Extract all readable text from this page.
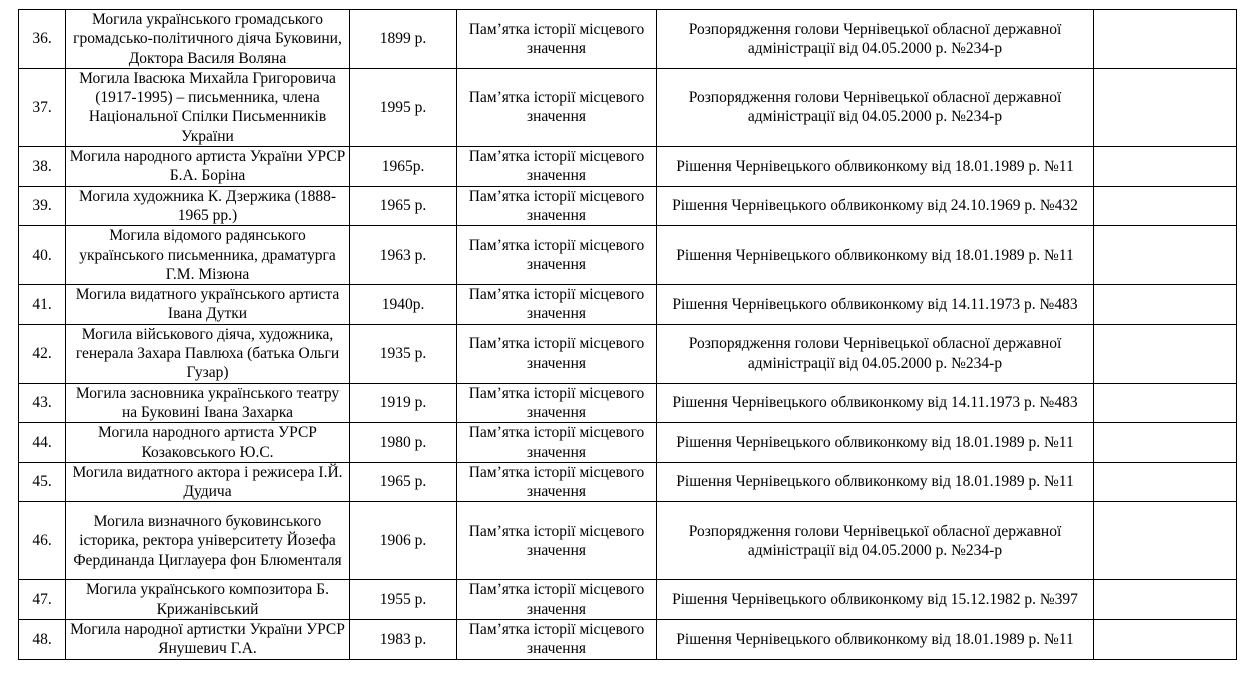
36.	Могила українського громадського громадсько-політичного діяча Буковини, Доктора Василя Воляна	1899 р.	Пам’ятка історії місцевого значення	Розпорядження голови Чернівецької обласної державної адміністрації від 04.05.2000 р. №234-р	
37.	Могила Івасюка Михайла Григоровича (1917-1995) – письменника, члена Національної Спілки Письменників України	1995 р.	Пам’ятка історії місцевого значення	Розпорядження голови Чернівецької обласної державної адміністрації від 04.05.2000 р. №234-р	
38.	Могила народного артиста України УРСР Б.А. Боріна	1965р.	Пам’ятка історії місцевого значення	Рішення Чернівецького облвиконкому від 18.01.1989 р. №11	
39.	Могила художника К. Дзержика (1888-1965 рр.)	1965 р.	Пам’ятка історії місцевого значення	Рішення Чернівецького облвиконкому від 24.10.1969 р. №432	
40.	Могила відомого радянського українського письменника, драматурга Г.М. Мізюна	1963 р.	Пам’ятка історії місцевого значення	Рішення Чернівецького облвиконкому від 18.01.1989 р. №11	
41.	Могила видатного українського артиста Івана Дутки	1940р.	Пам’ятка історії місцевого значення	Рішення Чернівецького облвиконкому від 14.11.1973 р. №483	
42.	Могила військового діяча, художника, генерала Захара Павлюха (батька Ольги Гузар)	1935 р.	Пам’ятка історії місцевого значення	Розпорядження голови Чернівецької обласної державної адміністрації від 04.05.2000 р. №234-р	
43.	Могила засновника українського театру на Буковині Івана Захарка	1919 р.	Пам’ятка історії місцевого значення	Рішення Чернівецького облвиконкому від 14.11.1973 р. №483	
44.	Могила народного артиста УРСР Козаковського Ю.С.	1980 р.	Пам’ятка історії місцевого значення	Рішення Чернівецького облвиконкому від 18.01.1989 р. №11	
45.	Могила видатного актора і режисера І.Й. Дудича	1965 р.	Пам’ятка історії місцевого значення	Рішення Чернівецького облвиконкому від 18.01.1989 р. №11	
46.	Могила визначного буковинського історика, ректора університету Йозефа Фердинанда Циглауера фон Блюменталя	1906 р.	Пам’ятка історії місцевого значення	Розпорядження голови Чернівецької обласної державної адміністрації від 04.05.2000 р. №234-р	
47.	Могила українського композитора Б. Крижанівський	1955 р.	Пам’ятка історії місцевого значення	Рішення Чернівецького облвиконкому від 15.12.1982 р. №397	
48.	Могила народної артистки України УРСР Янушевич Г.А.	1983 р.	Пам’ятка історії місцевого значення	Рішення Чернівецького облвиконкому від 18.01.1989 р. №11	
